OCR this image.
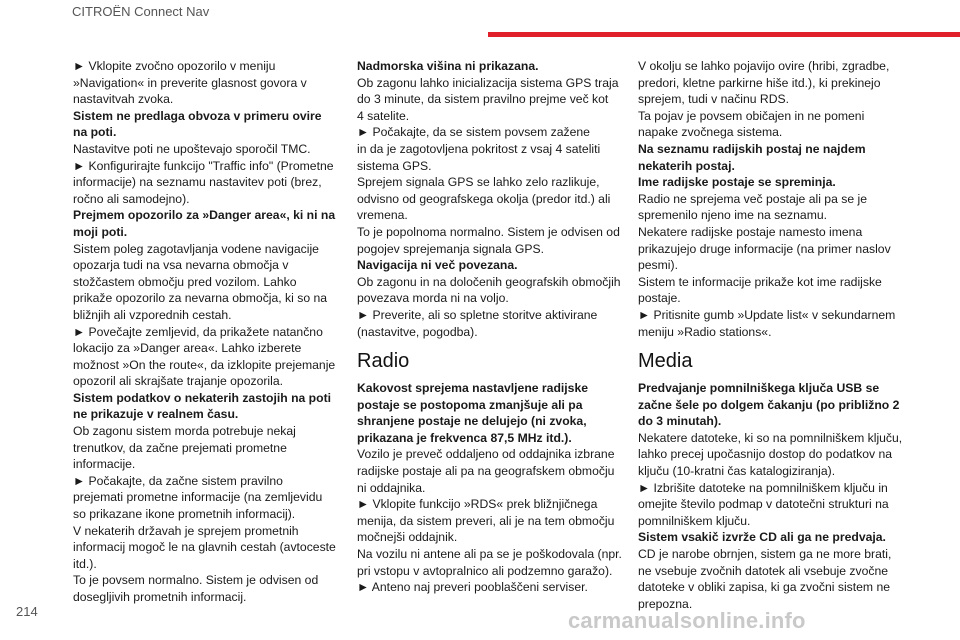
CITROËN Connect Nav

► Vklopite zvočno opozorilo v meniju

»Navigation« in preverite glasnost govora v

nastavitvah zvoka.

Sistem ne predlaga obvoza v primeru ovire

na poti.

Nastavitve poti ne upoštevajo sporočil TMC.

► Konfigurirajte funkcijo "Traffic info" (Prometne

informacije) na seznamu nastavitev poti (brez,

ročno ali samodejno).

Prejmem opozorilo za »Danger area«, ki ni na

moji poti.

Sistem poleg zagotavljanja vodene navigacije

opozarja tudi na vsa nevarna območja v

stožčastem območju pred vozilom. Lahko

prikaže opozorilo za nevarna območja, ki so na

bližnjih ali vzporednih cestah.

► Povečajte zemljevid, da prikažete natančno

lokacijo za »Danger area«. Lahko izberete

možnost »On the route«, da izklopite prejemanje

opozoril ali skrajšate trajanje opozorila.

Sistem podatkov o nekaterih zastojih na poti

ne prikazuje v realnem času.

Ob zagonu sistem morda potrebuje nekaj

trenutkov, da začne prejemati prometne

informacije.

► Počakajte, da začne sistem pravilno

prejemati prometne informacije (na zemljevidu

so prikazane ikone prometnih informacij).

V nekaterih državah je sprejem prometnih

informacij mogoč le na glavnih cestah (avtoceste

itd.).

To je povsem normalno. Sistem je odvisen od

dosegljivih prometnih informacij.

Nadmorska višina ni prikazana.

Ob zagonu lahko inicializacija sistema GPS traja

do 3 minute, da sistem pravilno prejme več kot

4 satelite.

► Počakajte, da se sistem povsem zažene

in da je zagotovljena pokritost z vsaj 4 sateliti

sistema GPS.

Sprejem signala GPS se lahko zelo razlikuje,

odvisno od geografskega okolja (predor itd.) ali

vremena.

To je popolnoma normalno. Sistem je odvisen od

pogojev sprejemanja signala GPS.

Navigacija ni več povezana.

Ob zagonu in na določenih geografskih območjih

povezava morda ni na voljo.

► Preverite, ali so spletne storitve aktivirane

(nastavitve, pogodba).

Radio

Kakovost sprejema nastavljene radijske

postaje se postopoma zmanjšuje ali pa

shranjene postaje ne delujejo (ni zvoka,

prikazana je frekvenca 87,5 MHz itd.).

Vozilo je preveč oddaljeno od oddajnika izbrane

radijske postaje ali pa na geografskem območju

ni oddajnika.

► Vklopite funkcijo »RDS« prek bližnjičnega

menija, da sistem preveri, ali je na tem območju

močnejši oddajnik.

Na vozilu ni antene ali pa se je poškodovala (npr.

pri vstopu v avtopralnico ali podzemno garažo).

► Anteno naj preveri pooblaščeni serviser.

V okolju se lahko pojavijo ovire (hribi, zgradbe,

predori, kletne parkirne hiše itd.), ki prekinejo

sprejem, tudi v načinu RDS.

Ta pojav je povsem običajen in ne pomeni

napake zvočnega sistema.

Na seznamu radijskih postaj ne najdem

nekaterih postaj.

Ime radijske postaje se spreminja.

Radio ne sprejema več postaje ali pa se je

spremenilo njeno ime na seznamu.

Nekatere radijske postaje namesto imena

prikazujejo druge informacije (na primer naslov

pesmi).

Sistem te informacije prikaže kot ime radijske

postaje.

► Pritisnite gumb »Update list« v sekundarnem

meniju »Radio stations«.

Media

Predvajanje pomnilniškega ključa USB se

začne šele po dolgem čakanju (po približno 2

do 3 minutah).

Nekatere datoteke, ki so na pomnilniškem ključu,

lahko precej upočasnijo dostop do podatkov na

ključu (10-kratni čas katalogiziranja).

► Izbrišite datoteke na pomnilniškem ključu in

omejite število podmap v datotečni strukturi na

pomnilniškem ključu.

Sistem vsakič izvrže CD ali ga ne predvaja.

CD je narobe obrnjen, sistem ga ne more brati,

ne vsebuje zvočnih datotek ali vsebuje zvočne

datoteke v obliki zapisa, ki ga zvočni sistem ne

prepozna.

214	carmanualsonline.info
